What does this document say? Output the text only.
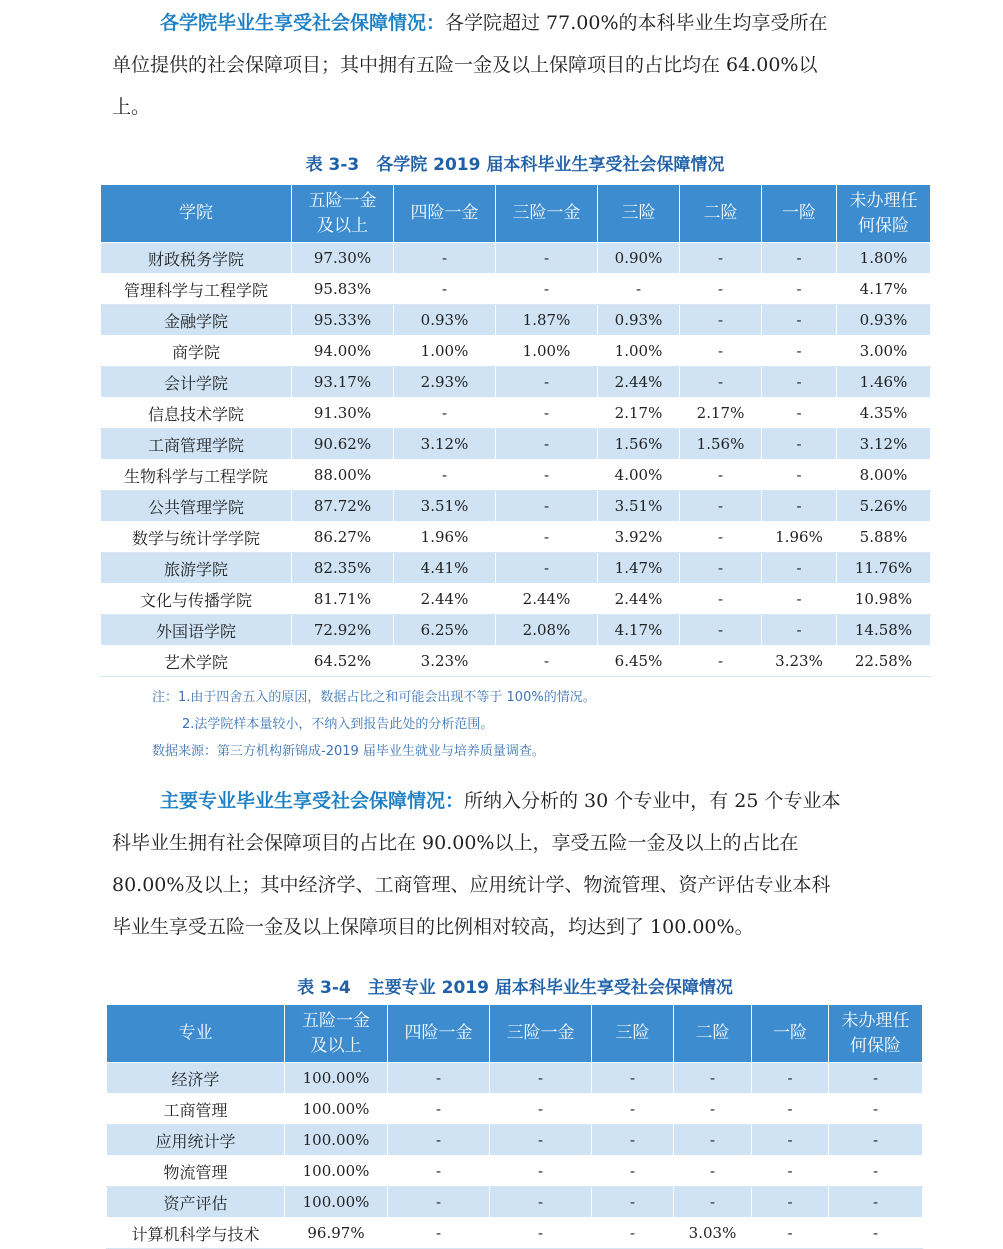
各学院毕业生享受社会保障情况：各学院超过 77.00%的本科毕业生均享受所在
单位提供的社会保障项目；其中拥有五险一金及以上保障项目的占比均在 64.00%以
上。
表 3-3　各学院 2019 届本科毕业生享受社会保障情况
学院	五险一金及以上	四险一金	三险一金	三险	二险	一险	未办理任何保险
财政税务学院	97.30%	-	-	0.90%	-	-	1.80%
管理科学与工程学院	95.83%	-	-	-	-	-	4.17%
金融学院	95.33%	0.93%	1.87%	0.93%	-	-	0.93%
商学院	94.00%	1.00%	1.00%	1.00%	-	-	3.00%
会计学院	93.17%	2.93%	-	2.44%	-	-	1.46%
信息技术学院	91.30%	-	-	2.17%	2.17%	-	4.35%
工商管理学院	90.62%	3.12%	-	1.56%	1.56%	-	3.12%
生物科学与工程学院	88.00%	-	-	4.00%	-	-	8.00%
公共管理学院	87.72%	3.51%	-	3.51%	-	-	5.26%
数学与统计学学院	86.27%	1.96%	-	3.92%	-	1.96%	5.88%
旅游学院	82.35%	4.41%	-	1.47%	-	-	11.76%
文化与传播学院	81.71%	2.44%	2.44%	2.44%	-	-	10.98%
外国语学院	72.92%	6.25%	2.08%	4.17%	-	-	14.58%
艺术学院	64.52%	3.23%	-	6.45%	-	3.23%	22.58%
注：1.由于四舍五入的原因，数据占比之和可能会出现不等于 100%的情况。
2.法学院样本量较小，不纳入到报告此处的分析范围。
数据来源：第三方机构新锦成-2019 届毕业生就业与培养质量调查。
主要专业毕业生享受社会保障情况：所纳入分析的 30 个专业中，有 25 个专业本
科毕业生拥有社会保障项目的占比在 90.00%以上，享受五险一金及以上的占比在
80.00%及以上；其中经济学、工商管理、应用统计学、物流管理、资产评估专业本科
毕业生享受五险一金及以上保障项目的比例相对较高，均达到了 100.00%。
表 3-4　主要专业 2019 届本科毕业生享受社会保障情况
专业	五险一金及以上	四险一金	三险一金	三险	二险	一险	未办理任何保险
经济学	100.00%	-	-	-	-	-	-
工商管理	100.00%	-	-	-	-	-	-
应用统计学	100.00%	-	-	-	-	-	-
物流管理	100.00%	-	-	-	-	-	-
资产评估	100.00%	-	-	-	-	-	-
计算机科学与技术	96.97%	-	-	-	3.03%	-	-
